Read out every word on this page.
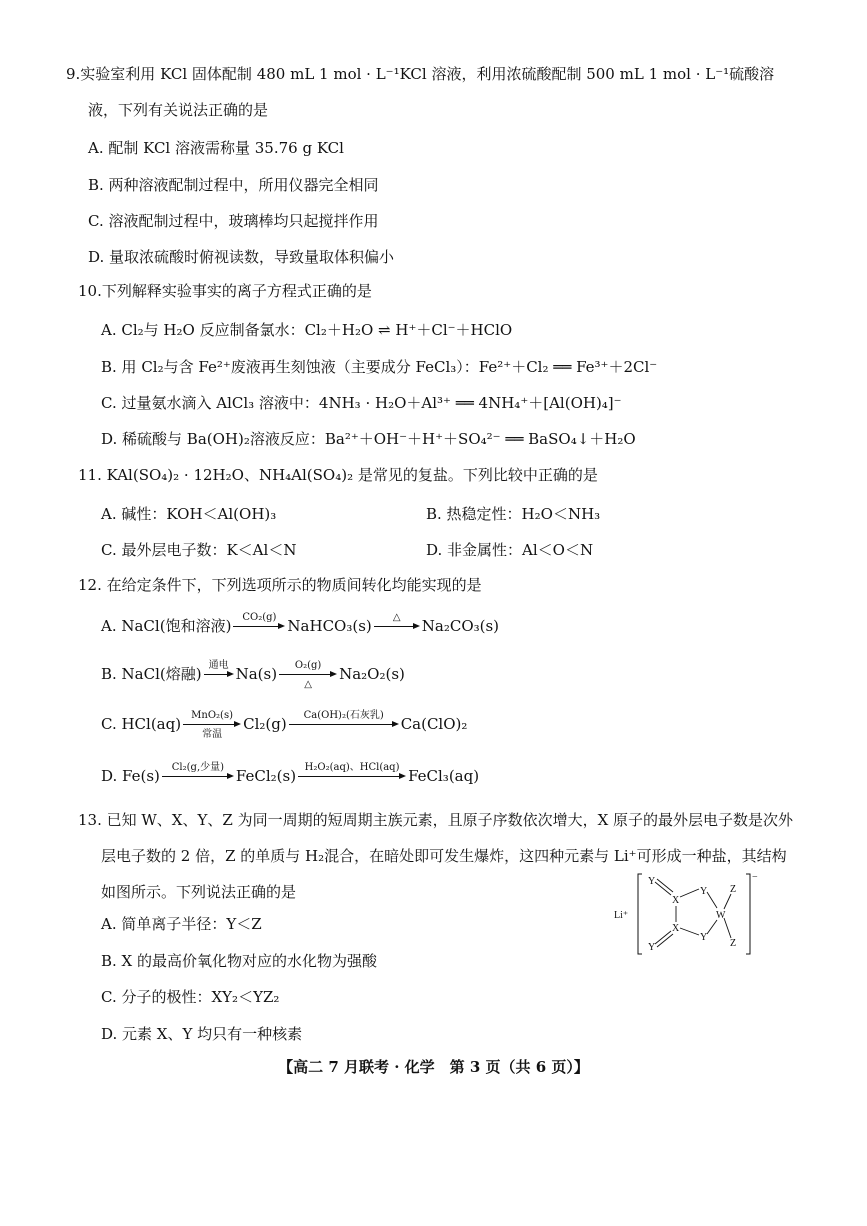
9.实验室利用 KCl 固体配制 480 mL 1 mol · L⁻¹KCl 溶液，利用浓硫酸配制 500 mL 1 mol · L⁻¹硫酸溶
液，下列有关说法正确的是
A. 配制 KCl 溶液需称量 35.76 g KCl
B. 两种溶液配制过程中，所用仪器完全相同
C. 溶液配制过程中，玻璃棒均只起搅拌作用
D. 量取浓硫酸时俯视读数，导致量取体积偏小
10.下列解释实验事实的离子方程式正确的是
A. Cl₂与 H₂O 反应制备氯水：Cl₂＋H₂O ⇌ H⁺＋Cl⁻＋HClO
B. 用 Cl₂与含 Fe²⁺废液再生刻蚀液（主要成分 FeCl₃）：Fe²⁺＋Cl₂ ══ Fe³⁺＋2Cl⁻
C. 过量氨水滴入 AlCl₃ 溶液中：4NH₃ · H₂O＋Al³⁺ ══ 4NH₄⁺＋[Al(OH)₄]⁻
D. 稀硫酸与 Ba(OH)₂溶液反应：Ba²⁺＋OH⁻＋H⁺＋SO₄²⁻ ══ BaSO₄↓＋H₂O
11. KAl(SO₄)₂ · 12H₂O、NH₄Al(SO₄)₂ 是常见的复盐。下列比较中正确的是
A. 碱性：KOH＜Al(OH)₃	B. 热稳定性：H₂O＜NH₃
C. 最外层电子数：K＜Al＜N	D. 非金属性：Al＜O＜N
12. 在给定条件下，下列选项所示的物质间转化均能实现的是
A. NaCl(饱和溶液)	CO₂(g) NaHCO₃(s)	△	Na₂CO₃(s)
B. NaCl(熔融) 通电 Na(s)	O₂(g)
△
Na₂O₂(s)
C. HCl(aq)	MnO₂(s)
常温
Cl₂(g)	Ca(OH)₂(石灰乳)	Ca(ClO)₂
D. Fe(s)	Cl₂(g,少量) FeCl₂(s) H₂O₂(aq)、HCl(aq) FeCl₃(aq)
13. 已知 W、X、Y、Z 为同一周期的短周期主族元素，且原子序数依次增大，X 原子的最外层电子数是次外
层电子数的 2 倍，Z 的单质与 H₂混合，在暗处即可发生爆炸，这四种元素与 Li⁺可形成一种盐，其结构
如图所示。下列说法正确的是
A. 简单离子半径：Y＜Z
B. X 的最高价氧化物对应的水化物为强酸
C. 分子的极性：XY₂＜YZ₂
D. 元素 X、Y 均只有一种核素
Li⁺
−
Y
X
X
Y
Y
Y
W
Z
Z
【高二 7 月联考 · 化学　第 3 页（共 6 页）】
